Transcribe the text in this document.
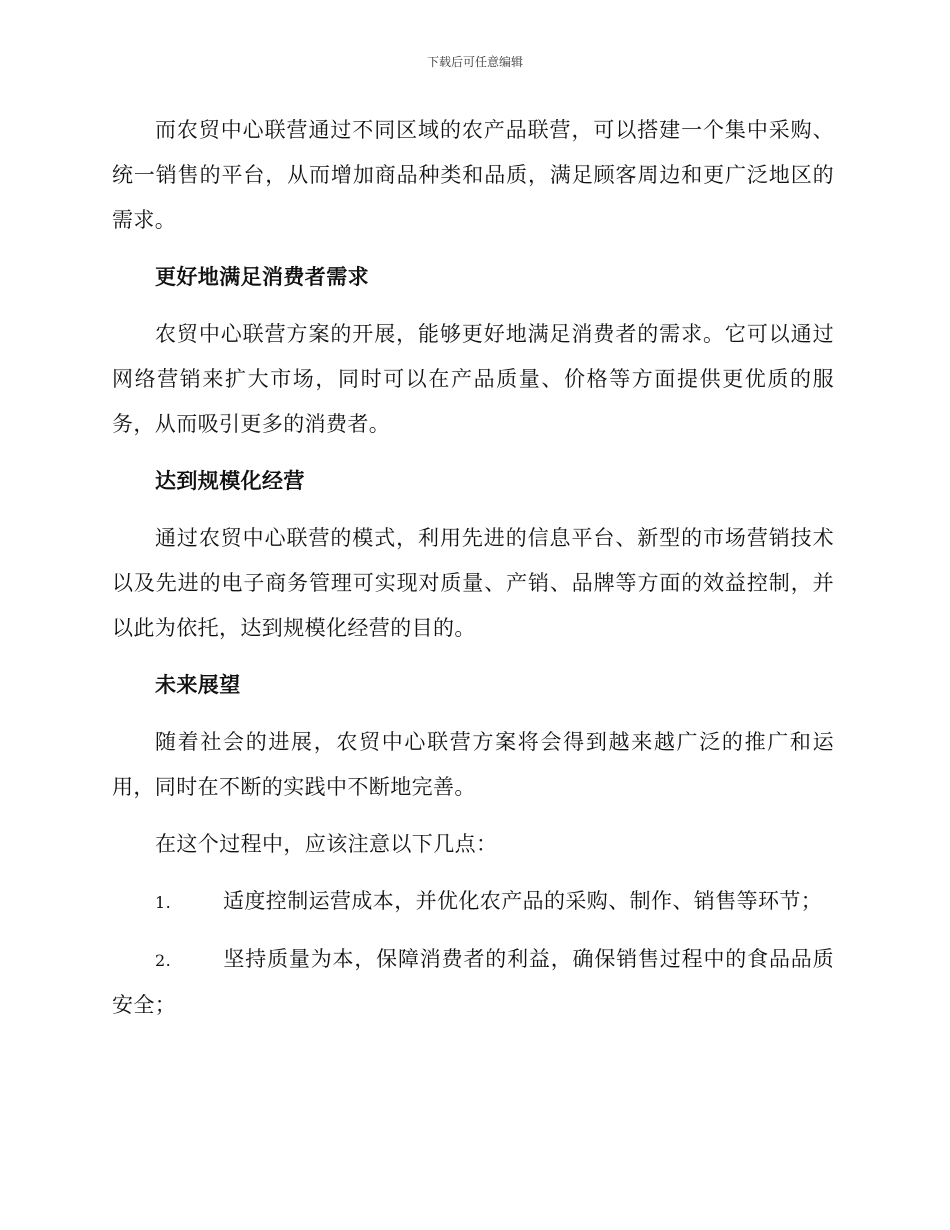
下载后可任意编辑

而农贸中心联营通过不同区域的农产品联营，可以搭建一个集中采购、统一销售的平台，从而增加商品种类和品质，满足顾客周边和更广泛地区的需求。

更好地满足消费者需求

农贸中心联营方案的开展，能够更好地满足消费者的需求。它可以通过网络营销来扩大市场，同时可以在产品质量、价格等方面提供更优质的服务，从而吸引更多的消费者。

达到规模化经营

通过农贸中心联营的模式，利用先进的信息平台、新型的市场营销技术以及先进的电子商务管理可实现对质量、产销、品牌等方面的效益控制，并以此为依托，达到规模化经营的目的。

未来展望

随着社会的进展，农贸中心联营方案将会得到越来越广泛的推广和运用，同时在不断的实践中不断地完善。

在这个过程中，应该注意以下几点：

1. 适度控制运营成本，并优化农产品的采购、制作、销售等环节；

2. 坚持质量为本，保障消费者的利益，确保销售过程中的食品品质安全；
